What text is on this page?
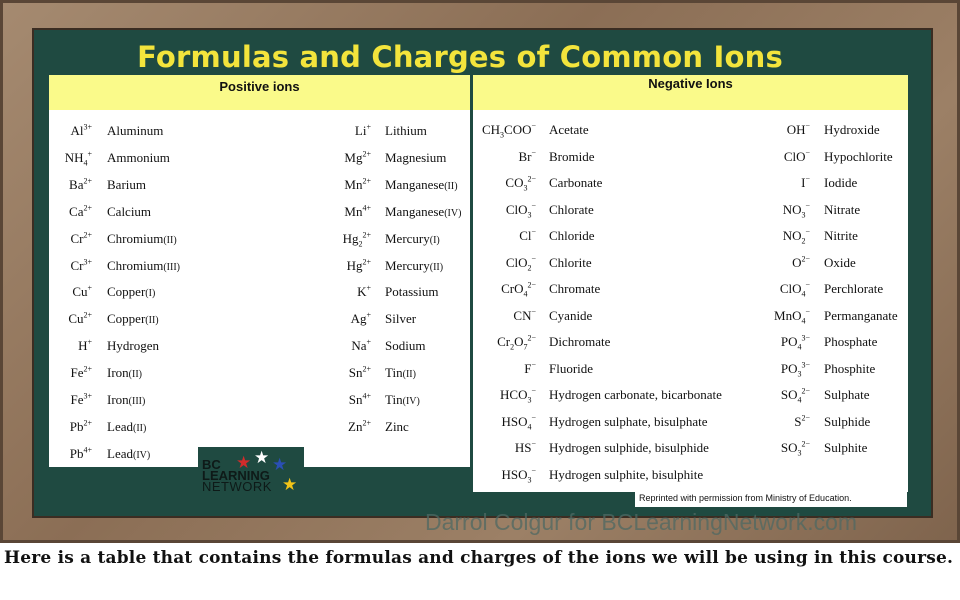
Formulas and Charges of Common Ions
Positive ions
$Al^{3+}$ Aluminum
$NH_4^+$ Ammonium
$Ba^{2+}$ Barium
$Ca^{2+}$ Calcium
$Cr^{2+}$ Chromium(II)
$Cr^{3+}$ Chromium(III)
Cu+ Copper(I)
$Cu^{2+}$ Copper(II)
H+ Hydrogen
$Fe^{2+}$ Iron(II)
$Fe^{3+}$ Iron(III)
$Pb^{2+}$ Lead(II)
$Pb^{4+}$ Lead(IV)
Li+ Lithium
$Mg^{2+}$ Magnesium
$Mn^{2+}$ Manganese(II)
$Mn^{4+}$ Manganese(IV)
$Hg_2^{2+}$ Mercury(I)
$Hg^{2+}$ Mercury(II)
K+ Potassium
Ag+ Silver
Na+ Sodium
$Sn^{2+}$ Tin(II)
$Sn^{4+}$ Tin(IV)
$Zn^{2+}$ Zinc
Negative Ions
$CH_3COO^-$ Acetate
Br− Bromide
$CO_3^{2-}$ Carbonate
ClO$_3$− Chlorate
Cl− Chloride
ClO$_2$− Chlorite
CrO$_4^{2-}$ Chromate
CN− Cyanide
$Cr_2O_7^{2-}$ Dichromate
F− Fluoride
$HCO_3^-$ Hydrogen carbonate, bicarbonate
$HSO_4^-$ Hydrogen sulphate, bisulphate
HS− Hydrogen sulphide, bisulphide
$HSO_3^-$ Hydrogen sulphite, bisulphite
OH− Hydroxide
ClO− Hypochlorite
I− Iodide
$NO_3^-$ Nitrate
$NO_2^-$ Nitrite
$O^{2-}$ Oxide
ClO$_4$− Perchlorate
MnO$_4$− Permanganate
$PO_4^{3-}$ Phosphate
$PO_3^{3-}$ Phosphite
$SO_4^{2-}$ Sulphate
$S^{2-}$ Sulphide
$SO_3^{2-}$ Sulphite
★ ★ ★
★
BC
LEARNING
NETWORK
Reprinted with permission from Ministry of Education.
Darrol Colgur for BCLearningNetwork.com
Here is a table that contains the formulas and charges of the ions we will be using in this course.
